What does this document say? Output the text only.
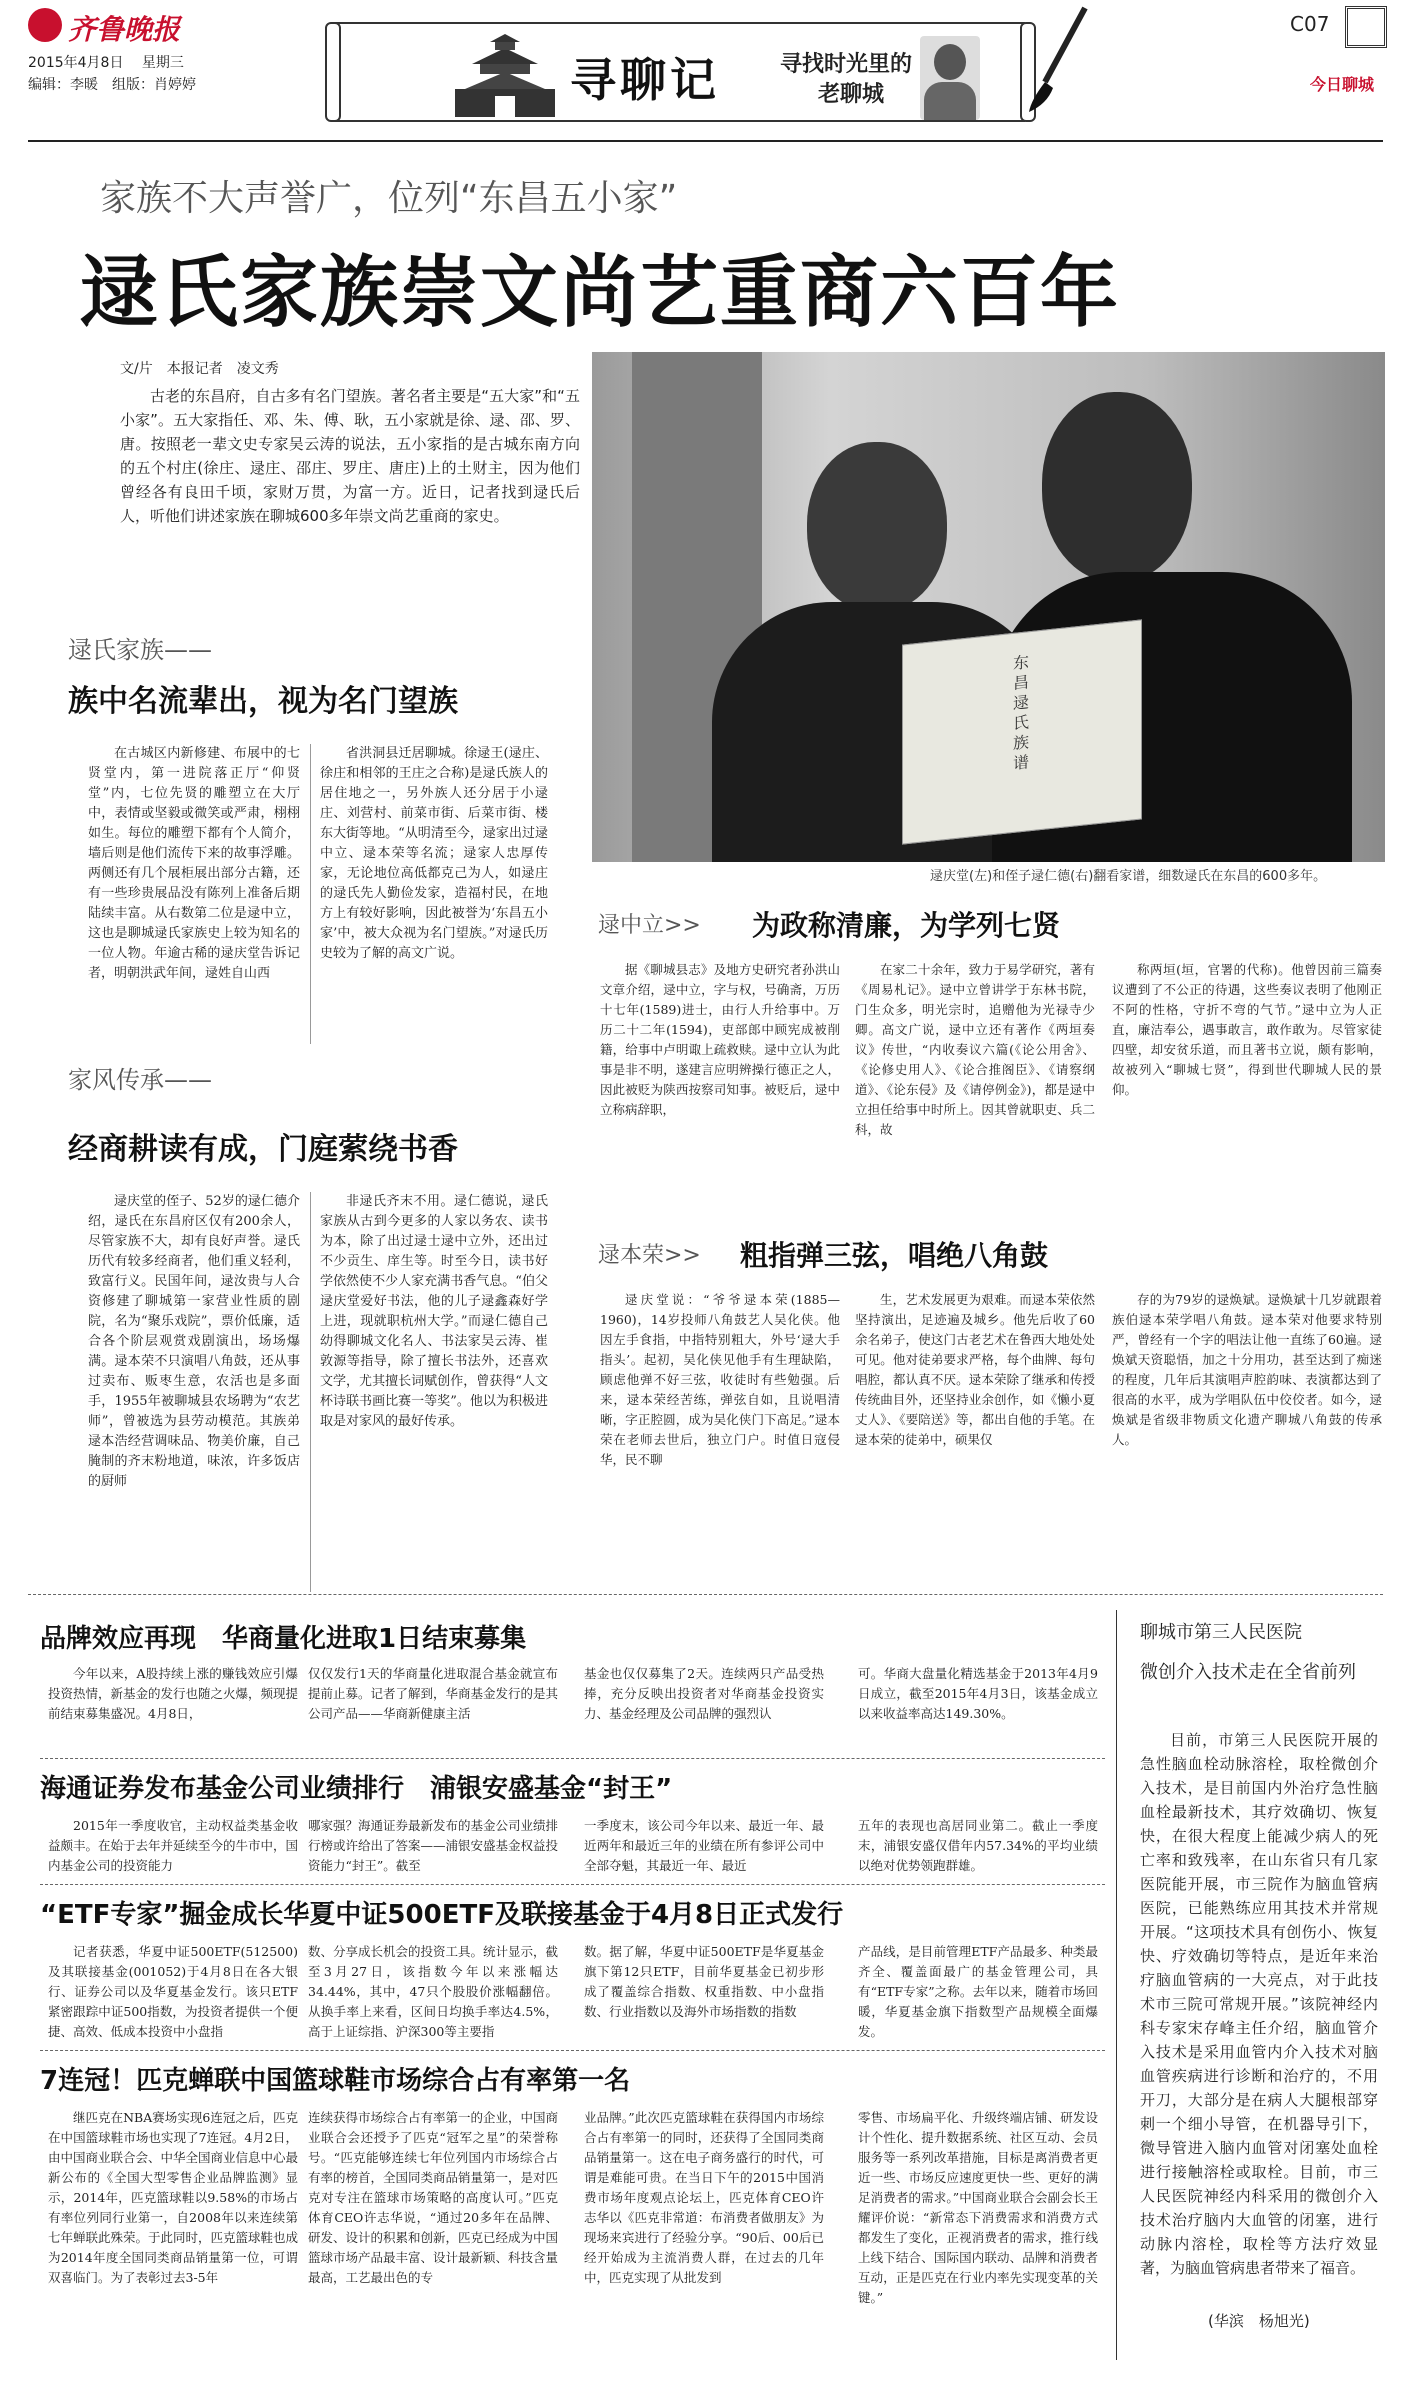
齐鲁晚报
2015年4月8日 星期三
编辑：李暖　组版：肖婷婷	寻聊记	寻找时光里的
老聊城
C07
今日聊城
家族不大声誉广，位列“东昌五小家”
逯氏家族崇文尚艺重商六百年
文/片　本报记者　凌文秀
古老的东昌府，自古多有名门望族。著名者主要是“五大家”和“五小家”。五大家指任、邓、朱、傅、耿，五小家就是徐、逯、邵、罗、唐。按照老一辈文史专家吴云涛的说法，五小家指的是古城东南方向的五个村庄(徐庄、逯庄、邵庄、罗庄、唐庄)上的土财主，因为他们曾经各有良田千顷，家财万贯，为富一方。近日，记者找到逯氏后人，听他们讲述家族在聊城600多年崇文尚艺重商的家史。
东昌逯氏族谱
逯庆堂(左)和侄子逯仁德(右)翻看家谱，细数逯氏在东昌的600多年。
逯氏家族——
族中名流辈出，视为名门望族
在古城区内新修建、布展中的七贤堂内，第一进院落正厅“仰贤堂”内，七位先贤的雕塑立在大厅中，表情或坚毅或微笑或严肃，栩栩如生。每位的雕塑下都有个人简介，墙后则是他们流传下来的故事浮雕。两侧还有几个展柜展出部分古籍，还有一些珍贵展品没有陈列上准备后期陆续丰富。从右数第二位是逯中立，这也是聊城逯氏家族史上较为知名的一位人物。年逾古稀的逯庆堂告诉记者，明朝洪武年间，逯姓自山西
省洪洞县迁居聊城。徐逯王(逯庄、徐庄和相邻的王庄之合称)是逯氏族人的居住地之一，另外族人还分居于小逯庄、刘营村、前菜市街、后菜市街、楼东大街等地。“从明清至今，逯家出过逯中立、逯本荣等名流；逯家人忠厚传家，无论地位高低都克己为人，如逯庄的逯氏先人勤俭发家，造福村民，在地方上有较好影响，因此被誉为‘东昌五小家’中，被大众视为名门望族。”对逯氏历史较为了解的高文广说。
家风传承——
经商耕读有成，门庭萦绕书香
逯庆堂的侄子、52岁的逯仁德介绍，逯氏在东昌府区仅有200余人，尽管家族不大，却有良好声誉。逯氏历代有较多经商者，他们重义轻利，致富行义。民国年间，逯汝贵与人合资修建了聊城第一家营业性质的剧院，名为“聚乐戏院”，票价低廉，适合各个阶层观赏戏剧演出，场场爆满。逯本荣不只演唱八角鼓，还从事过卖布、贩枣生意，农活也是多面手，1955年被聊城县农场聘为“农艺师”，曾被选为县劳动模范。其族弟逯本浩经营调味品、物美价廉，自己腌制的齐末粉地道，味浓，许多饭店的厨师
非逯氏齐末不用。逯仁德说，逯氏家族从古到今更多的人家以务农、读书为本，除了出过逯士逯中立外，还出过不少贡生、庠生等。时至今日，读书好学依然使不少人家充满书香气息。“伯父逯庆堂爱好书法，他的儿子逯鑫森好学上进，现就职杭州大学。”而逯仁德自己幼得聊城文化名人、书法家吴云涛、崔敦源等指导，除了擅长书法外，还喜欢文学，尤其擅长词赋创作，曾获得“人文杯诗联书画比赛一等奖”。他以为积极进取是对家风的最好传承。
逯中立>> 为政称清廉，为学列七贤
据《聊城县志》及地方史研究者孙洪山文章介绍，逯中立，字与权，号确斋，万历十七年(1589)进士，由行人升给事中。万历二十二年(1594)，吏部郎中顾宪成被削籍，给事中卢明诹上疏救赎。逯中立认为此事是非不明，遂建言应明辨操行德正之人，因此被贬为陕西按察司知事。被贬后，逯中立称病辞职，
在家二十余年，致力于易学研究，著有《周易札记》。逯中立曾讲学于东林书院，门生众多，明光宗时，追赠他为光禄寺少卿。高文广说，逯中立还有著作《两垣奏议》传世，“内收奏议六篇(《论公用舍》、《论修史用人》、《论合推阁臣》、《请察纲道》、《论东侵》及《请停例金》)，都是逯中立担任给事中时所上。因其曾就职吏、兵二科，故
称两垣(垣，官署的代称)。他曾因前三篇奏议遭到了不公正的待遇，这些奏议表明了他刚正不阿的性格，守折不弯的气节。”逯中立为人正直，廉洁奉公，遇事敢言，敢作敢为。尽管家徒四壁，却安贫乐道，而且著书立说，颇有影响，故被列入“聊城七贤”，得到世代聊城人民的景仰。
逯本荣>> 粗指弹三弦，唱绝八角鼓
逯庆堂说：“爷爷逯本荣(1885—1960)，14岁投师八角鼓艺人吴化侠。他因左手食指，中指特别粗大，外号‘逯大手指头’。起初，吴化侠见他手有生理缺陷，顾虑他弹不好三弦，收徒时有些勉强。后来，逯本荣经苦练，弹弦自如，且说唱清晰，字正腔圆，成为吴化侠门下高足。”逯本荣在老师去世后，独立门户。时值日寇侵华，民不聊
生，艺术发展更为艰难。而逯本荣依然坚持演出，足迹遍及城乡。他先后收了60余名弟子，使这门古老艺术在鲁西大地处处可见。他对徒弟要求严格，每个曲牌、每句唱腔，都认真不厌。逯本荣除了继承和传授传统曲目外，还坚持业余创作，如《懒小夏丈人》、《要陪送》等，都出自他的手笔。在逯本荣的徒弟中，硕果仅
存的为79岁的逯焕斌。逯焕斌十几岁就跟着族伯逯本荣学唱八角鼓。逯本荣对他要求特别严，曾经有一个字的唱法让他一直练了60遍。逯焕斌天资聪悟，加之十分用功，甚至达到了痴迷的程度，几年后其演唱声腔韵味、表演都达到了很高的水平，成为学唱队伍中佼佼者。如今，逯焕斌是省级非物质文化遗产聊城八角鼓的传承人。
品牌效应再现　华商量化进取1日结束募集
今年以来，A股持续上涨的赚钱效应引爆投资热情，新基金的发行也随之火爆，频现提前结束募集盛况。4月8日，
仅仅发行1天的华商量化进取混合基金就宣布提前止募。记者了解到，华商基金发行的是其公司产品——华商新健康主活
基金也仅仅募集了2天。连续两只产品受热捧，充分反映出投资者对华商基金投资实力、基金经理及公司品牌的强烈认
可。华商大盘量化精选基金于2013年4月9日成立，截至2015年4月3日，该基金成立以来收益率高达149.30%。
海通证券发布基金公司业绩排行　浦银安盛基金“封王”
2015年一季度收官，主动权益类基金收益颇丰。在始于去年并延续至今的牛市中，国内基金公司的投资能力
哪家强？海通证券最新发布的基金公司业绩排行榜或许给出了答案——浦银安盛基金权益投资能力“封王”。截至
一季度末，该公司今年以来、最近一年、最近两年和最近三年的业绩在所有参评公司中全部夺魁，其最近一年、最近
五年的表现也高居同业第二。截止一季度末，浦银安盛仅借年内57.34%的平均业绩以绝对优势领跑群雄。
“ETF专家”掘金成长华夏中证500ETF及联接基金于4月8日正式发行
记者获悉，华夏中证500ETF(512500)及其联接基金(001052)于4月8日在各大银行、证券公司以及华夏基金发行。该只ETF紧密跟踪中证500指数，为投资者提供一个便捷、高效、低成本投资中小盘指
数、分享成长机会的投资工具。统计显示，截至3月27日，该指数今年以来涨幅达34.44%，其中，47只个股股价涨幅翻倍。从换手率上来看，区间日均换手率达4.5%，高于上证综指、沪深300等主要指
数。据了解，华夏中证500ETF是华夏基金旗下第12只ETF，目前华夏基金已初步形成了覆盖综合指数、权重指数、中小盘指数、行业指数以及海外市场指数的指数
产品线，是目前管理ETF产品最多、种类最齐全、覆盖面最广的基金管理公司，具有“ETF专家”之称。去年以来，随着市场回暖，华夏基金旗下指数型产品规模全面爆发。
7连冠！匹克蝉联中国篮球鞋市场综合占有率第一名
继匹克在NBA赛场实现6连冠之后，匹克在中国篮球鞋市场也实现了7连冠。4月2日，由中国商业联合会、中华全国商业信息中心最新公布的《全国大型零售企业品牌监测》显示，2014年，匹克篮球鞋以9.58%的市场占有率位列同行业第一，自2008年以来连续第七年蝉联此殊荣。于此同时，匹克篮球鞋也成为2014年度全国同类商品销量第一位，可谓双喜临门。为了表彰过去3-5年
连续获得市场综合占有率第一的企业，中国商业联合会还授予了匹克“冠军之星”的荣誉称号。“匹克能够连续七年位列国内市场综合占有率的榜首，全国同类商品销量第一，是对匹克对专注在篮球市场策略的高度认可。”匹克体育CEO许志华说，“通过20多年在品牌、研发、设计的积累和创新，匹克已经成为中国篮球市场产品最丰富、设计最新颖、科技含量最高，工艺最出色的专
业品牌。”此次匹克篮球鞋在获得国内市场综合占有率第一的同时，还获得了全国同类商品销量第一。这在电子商务盛行的时代，可谓是难能可贵。在当日下午的2015中国消费市场年度观点论坛上，匹克体育CEO许志华以《匹克非常道：布消费者做朋友》为现场来宾进行了经验分享。“90后、00后已经开始成为主流消费人群，在过去的几年中，匹克实现了从批发到
零售、市场扁平化、升级终端店铺、研发设计个性化、提升数据系统、社区互动、会员服务等一系列改革措施，目标是离消费者更近一些、市场反应速度更快一些、更好的满足消费者的需求。”中国商业联合会副会长王耀评价说：“新常态下消费需求和消费方式都发生了变化，正视消费者的需求，推行线上线下结合、国际国内联动、品牌和消费者互动，正是匹克在行业内率先实现变革的关键。”
聊城市第三人民医院
微创介入技术走在全省前列
目前，市第三人民医院开展的急性脑血栓动脉溶栓，取栓微创介入技术，是目前国内外治疗急性脑血栓最新技术，其疗效确切、恢复快，在很大程度上能减少病人的死亡率和致残率，在山东省只有几家医院能开展，市三院作为脑血管病医院，已能熟练应用其技术并常规开展。“这项技术具有创伤小、恢复快、疗效确切等特点，是近年来治疗脑血管病的一大亮点，对于此技术市三院可常规开展。”该院神经内科专家宋存峰主任介绍，脑血管介入技术是采用血管内介入技术对脑血管疾病进行诊断和治疗的，不用开刀，大部分是在病人大腿根部穿刺一个细小导管，在机器导引下，微导管进入脑内血管对闭塞处血栓进行接触溶栓或取栓。目前，市三人民医院神经内科采用的微创介入技术治疗脑内大血管的闭塞，进行动脉内溶栓，取栓等方法疗效显著，为脑血管病患者带来了福音。
(华滨　杨旭光)
